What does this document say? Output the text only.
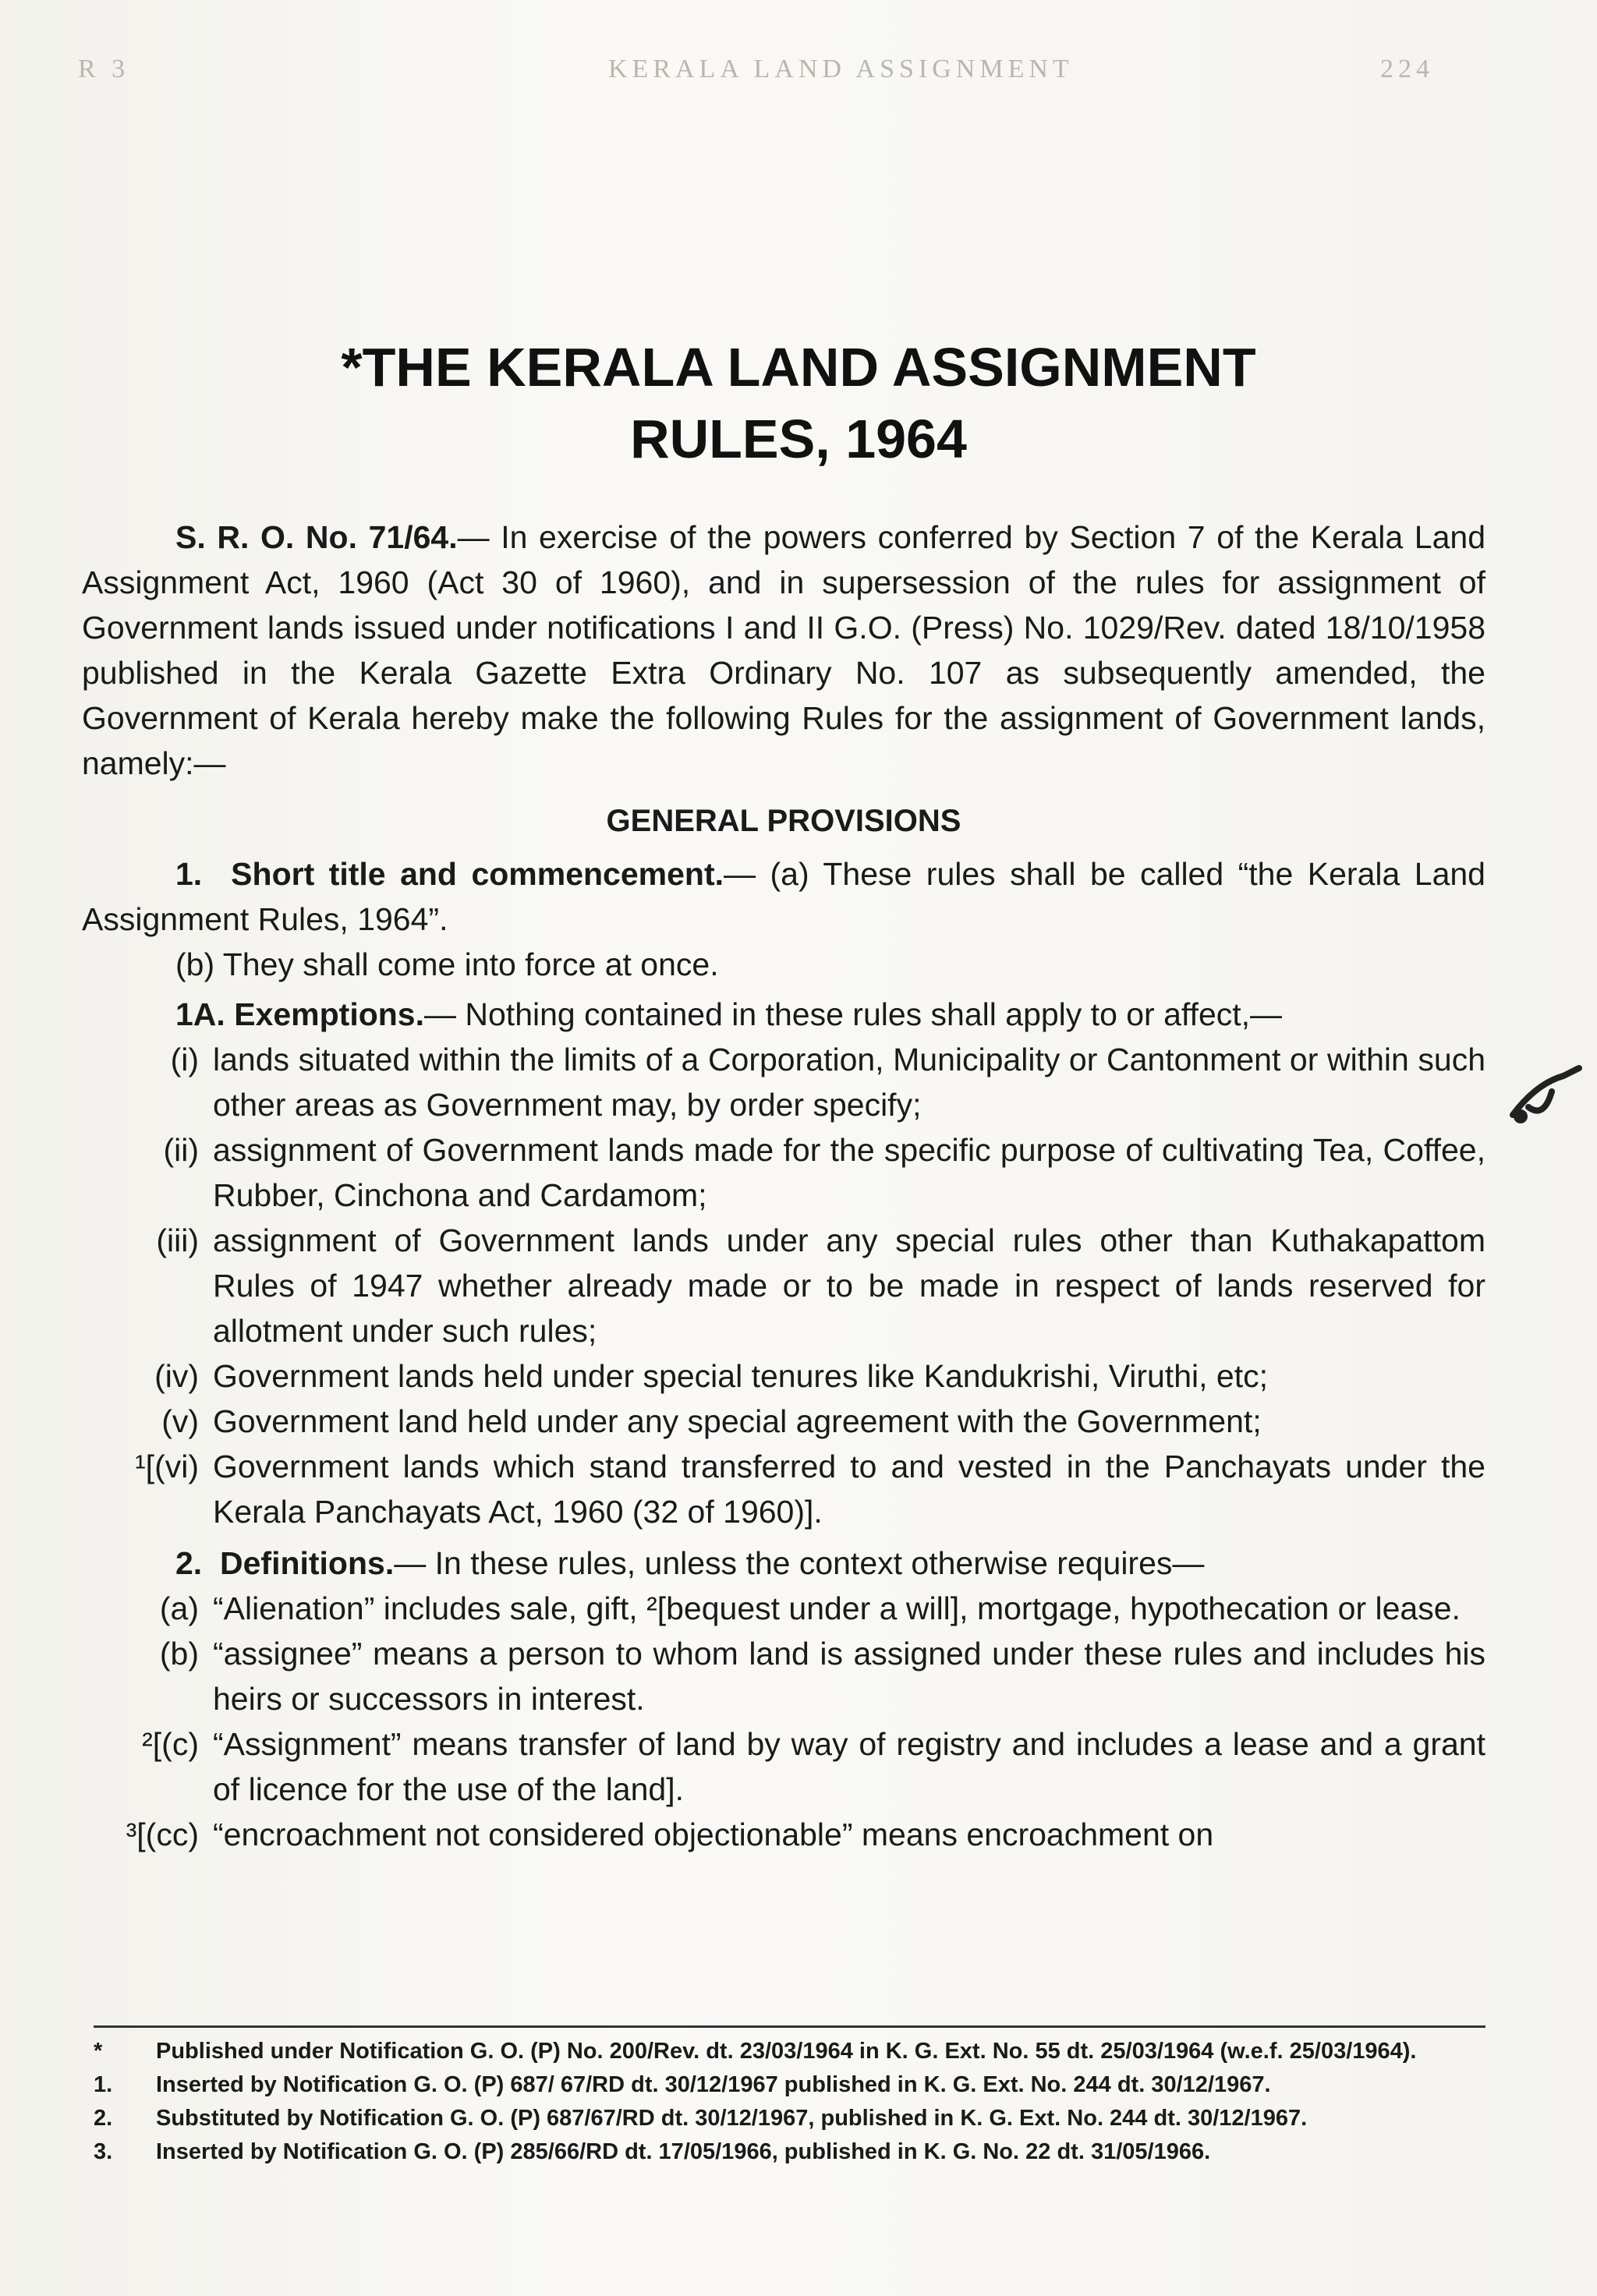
R 3	KERALA LAND ASSIGNMENT	224
*THE KERALA LAND ASSIGNMENT
RULES, 1964

S. R. O. No. 71/64.— In exercise of the powers conferred by Section 7 of the Kerala Land Assignment Act, 1960 (Act 30 of 1960), and in supersession of the rules for assignment of Government lands issued under notifications I and II G.O. (Press) No. 1029/Rev. dated 18/10/1958 published in the Kerala Gazette Extra Ordinary No. 107 as subsequently amended, the Government of Kerala hereby make the following Rules for the assignment of Government lands, namely:—

GENERAL PROVISIONS

1. Short title and commencement.— (a) These rules shall be called “the Kerala Land Assignment Rules, 1964”.

(b) They shall come into force at once.

1A. Exemptions.— Nothing contained in these rules shall apply to or affect,—

(i) lands situated within the limits of a Corporation, Municipality or Cantonment or within such other areas as Government may, by order specify;
(ii) assignment of Government lands made for the specific purpose of cultivating Tea, Coffee, Rubber, Cinchona and Cardamom;
(iii) assignment of Government lands under any special rules other than Kuthakapattom Rules of 1947 whether already made or to be made in respect of lands reserved for allotment under such rules;
(iv) Government lands held under special tenures like Kandukrishi, Viruthi, etc;
(v) Government land held under any special agreement with the Government;
¹[(vi) Government lands which stand transferred to and vested in the Panchayats under the Kerala Panchayats Act, 1960 (32 of 1960)].

2. Definitions.— In these rules, unless the context otherwise requires—

(a) “Alienation” includes sale, gift, ²[bequest under a will], mortgage, hypothecation or lease.
(b) “assignee” means a person to whom land is assigned under these rules and includes his heirs or successors in interest.
²[(c) “Assignment” means transfer of land by way of registry and includes a lease and a grant of licence for the use of the land].
³[(cc) “encroachment not considered objectionable” means encroachment on
*	Published under Notification G. O. (P) No. 200/Rev. dt. 23/03/1964 in K. G. Ext. No. 55 dt. 25/03/1964 (w.e.f. 25/03/1964).
1.	Inserted by Notification G. O. (P) 687/ 67/RD dt. 30/12/1967 published in K. G. Ext. No. 244 dt. 30/12/1967.
2.	Substituted by Notification G. O. (P) 687/67/RD dt. 30/12/1967, published in K. G. Ext. No. 244 dt. 30/12/1967.
3.	Inserted by Notification G. O. (P) 285/66/RD dt. 17/05/1966, published in K. G. No. 22 dt. 31/05/1966.
